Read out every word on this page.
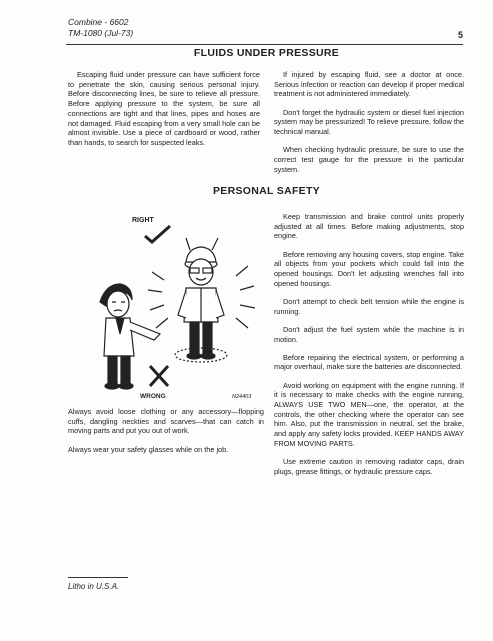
Combine - 6602
TM-1080 (Jul-73)	5
FLUIDS UNDER PRESSURE

Escaping fluid under pressure can have sufficient force to penetrate the skin, causing serious personal injury. Before disconnecting lines, be sure to relieve all pressure. Before applying pressure to the system, be sure all connections are tight and that lines, pipes and hoses are not damaged. Fluid escaping from a very small hole can be almost invisible. Use a piece of cardboard or wood, rather than hands, to search for suspected leaks.

If injured by escaping fluid, see a doctor at once. Serious infection or reaction can develop if proper medical treatment is not administered immediately.

Don't forget the hydraulic system or diesel fuel injection system may be pressurized! To relieve pressure, follow the technical manual.

When checking hydraulic pressure, be sure to use the correct test gauge for the pressure in the particular system.

PERSONAL SAFETY
RIGHT
WRONG	N24403

Always avoid loose clothing or any accessory—flopping cuffs, dangling neckties and scarves—that can catch in moving parts and put you out of work.

Always wear your safety glasses while on the job.

Keep transmission and brake control units properly adjusted at all times. Before making adjustments, stop engine.

Before removing any housing covers, stop engine. Take all objects from your pockets which could fall into the opened housings. Don't let adjusting wrenches fall into opened housings.

Don't attempt to check belt tension while the engine is running.

Don't adjust the fuel system while the machine is in motion.

Before repairing the electrical system, or performing a major overhaul, make sure the batteries are disconnected.

Avoid working on equipment with the engine running. If it is necessary to make checks with the engine running, ALWAYS USE TWO MEN—one, the operator, at the controls, the other checking where the operator can see him. Also, put the transmission in neutral, set the brake, and apply any safety locks provided. KEEP HANDS AWAY FROM MOVING PARTS.

Use extreme caution in removing radiator caps, drain plugs, grease fittings, or hydraulic pressure caps.

Litho in U.S.A.
